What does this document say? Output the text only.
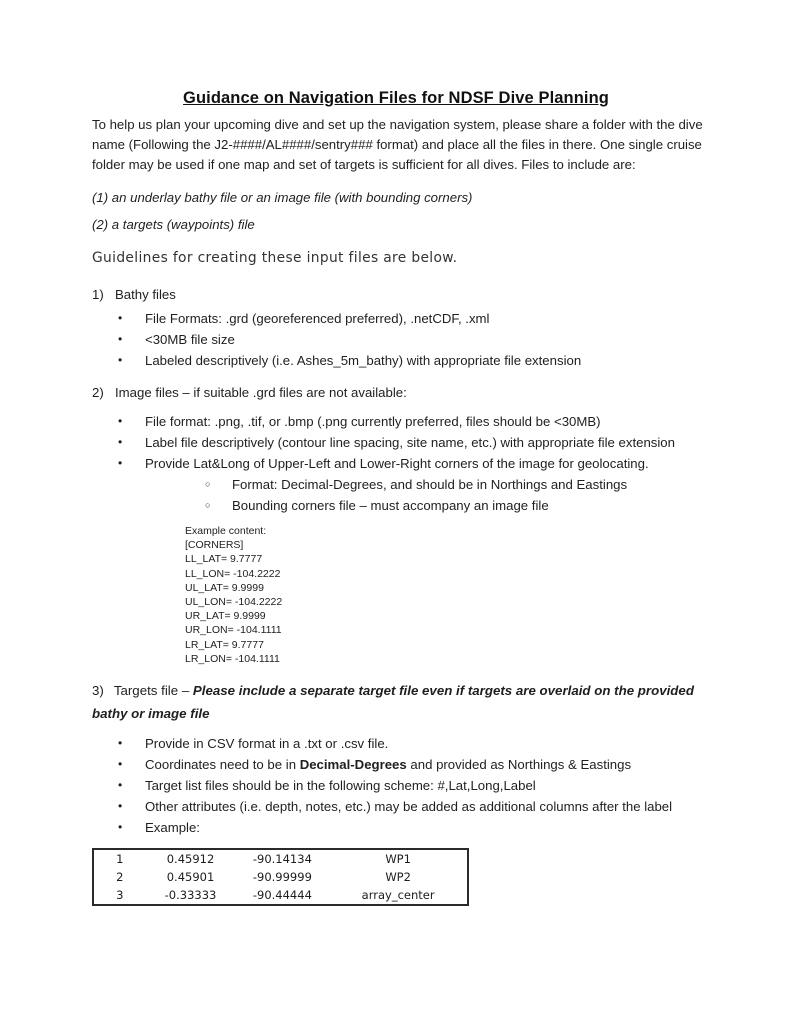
Guidance on Navigation Files for NDSF Dive Planning
To help us plan your upcoming dive and set up the navigation system, please share a folder with the dive
name (Following the J2-####/AL####/sentry### format) and place all the files in there. One single cruise
folder may be used if one map and set of targets is sufficient for all dives. Files to include are:
(1) an underlay bathy file or an image file (with bounding corners)
(2) a targets (waypoints) file
Guidelines for creating these input files are below.
1) Bathy files
•	File Formats: .grd (georeferenced preferred), .netCDF, .xml
•	<30MB file size
•	Labeled descriptively (i.e. Ashes_5m_bathy) with appropriate file extension
2) Image files – if suitable .grd files are not available:
•	File format: .png, .tif, or .bmp (.png currently preferred, files should be <30MB)
•	Label file descriptively (contour line spacing, site name, etc.) with appropriate file extension
•	Provide Lat&Long of Upper-Left and Lower-Right corners of the image for geolocating.
○	Format: Decimal-Degrees, and should be in Northings and Eastings
○	Bounding corners file – must accompany an image file
Example content:
[CORNERS]
LL_LAT= 9.7777
LL_LON= -104.2222
UL_LAT= 9.9999
UL_LON= -104.2222
UR_LAT= 9.9999
UR_LON= -104.1111
LR_LAT= 9.7777
LR_LON= -104.1111
3) Targets file – Please include a separate target file even if targets are overlaid on the provided bathy or image file
•	Provide in CSV format in a .txt or .csv file.
•	Coordinates need to be in Decimal-Degrees and provided as Northings & Eastings
•	Target list files should be in the following scheme: #,Lat,Long,Label
•	Other attributes (i.e. depth, notes, etc.) may be added as additional columns after the label
•	Example:
1	0.45912	-90.14134	WP1
2	0.45901	-90.99999	WP2
3	-0.33333	-90.44444	array_center
